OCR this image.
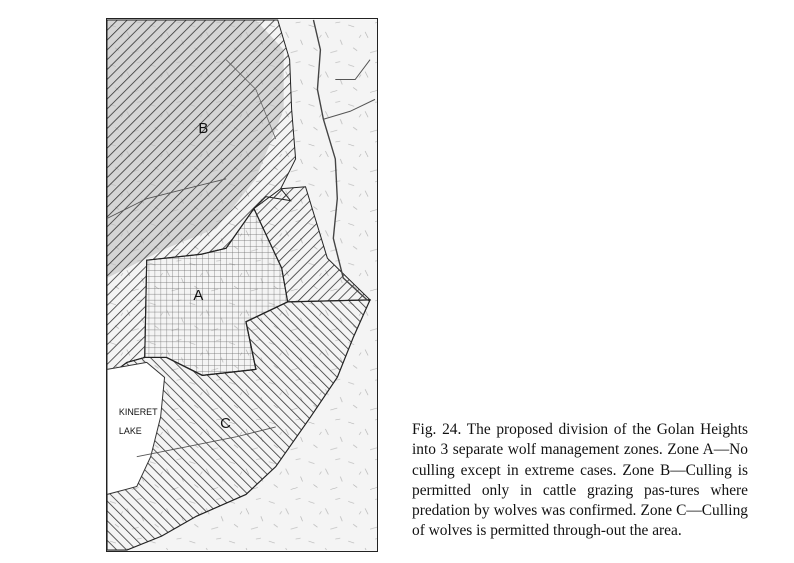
B
A
C
KINERET
LAKE	Fig. 24. The proposed division of the Golan Heights into 3 separate wolf management zones. Zone A—No culling except in extreme cases. Zone B—Culling is permitted only in cattle grazing pas-tures where predation by wolves was confirmed. Zone C—Culling of wolves is permitted through-out the area.
